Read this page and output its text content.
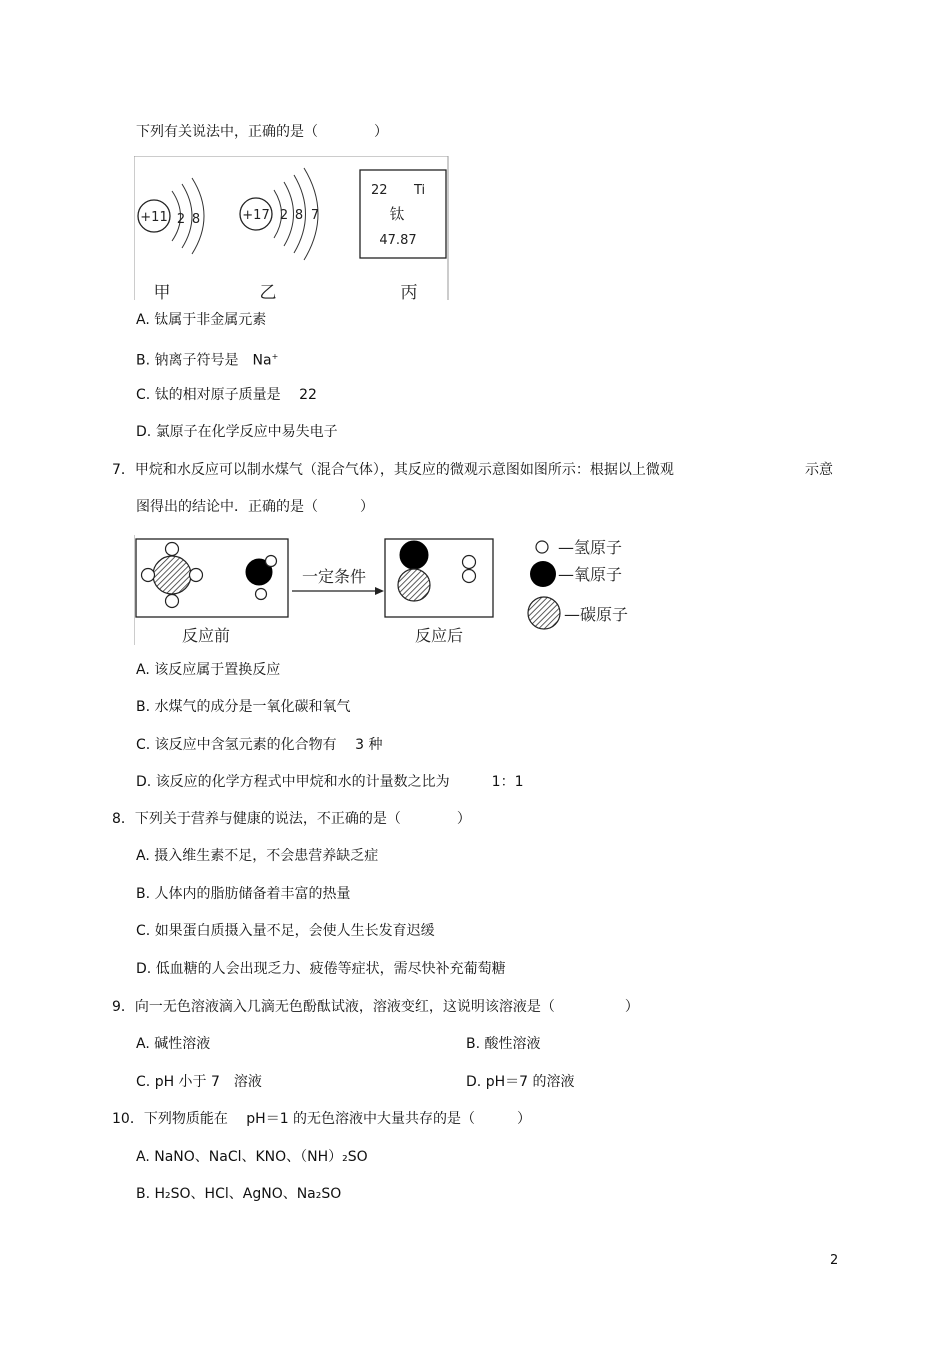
下列有关说法中，正确的是（　　　　）
+11 2 8
甲
+17 2 8 7
乙
22 Ti
钛
47.87
丙
A. 钛属于非金属元素
B. 钠离子符号是　Na+
C. 钛的相对原子质量是　 22
D. 氯原子在化学反应中易失电子
7．甲烷和水反应可以制水煤气（混合气体），其反应的微观示意图如图所示：根据以上微观	示意
图得出的结论中．正确的是（　　　）
一定条件
反应前	反应后
—氢原子
—氧原子
—碳原子
A. 该反应属于置换反应
B. 水煤气的成分是一氧化碳和氧气
C. 该反应中含氢元素的化合物有　 3 种
D. 该反应的化学方程式中甲烷和水的计量数之比为　　　1：1
8．下列关于营养与健康的说法，不正确的是（　　　　）
A. 摄入维生素不足，不会患营养缺乏症
B. 人体内的脂肪储备着丰富的热量
C. 如果蛋白质摄入量不足，会使人生长发育迟缓
D. 低血糖的人会出现乏力、疲倦等症状，需尽快补充葡萄糖
9．向一无色溶液滴入几滴无色酚酞试液，溶液变红，这说明该溶液是（　　　　　）
A. 碱性溶液	B. 酸性溶液
C. pH 小于 7　溶液	D. pH＝7 的溶液
10．下列物质能在　 pH＝1 的无色溶液中大量共存的是（　　　）
A. NaNO、NaCl、KNO、（NH）₂SO
B. H₂SO、HCl、AgNO、Na₂SO
2
